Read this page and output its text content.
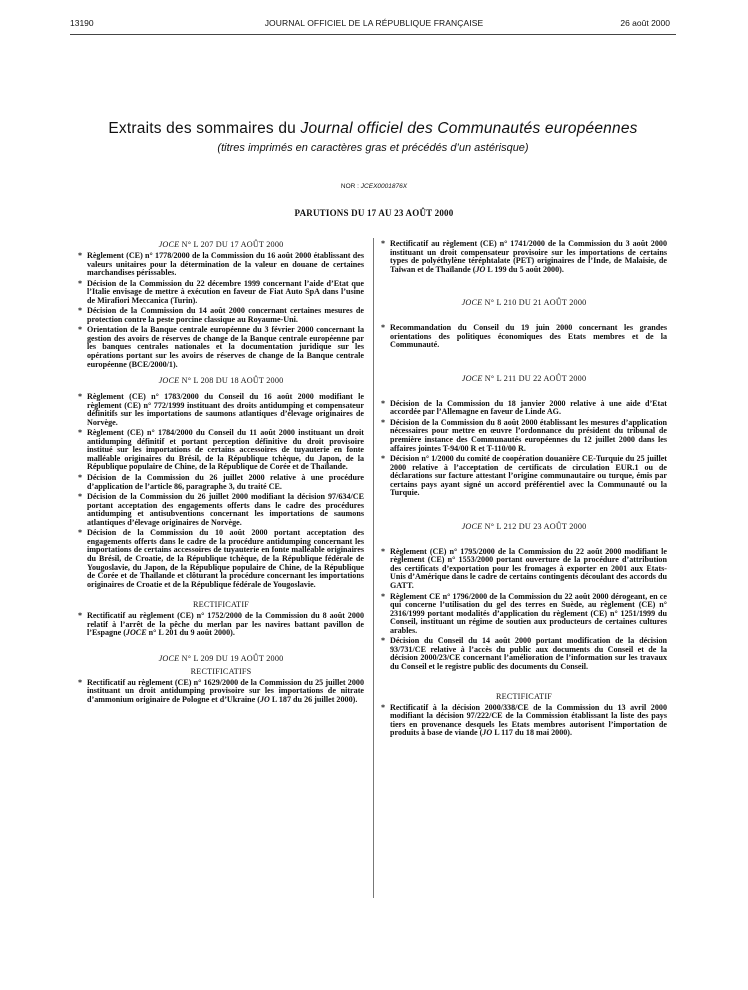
13190	JOURNAL OFFICIEL DE LA RÉPUBLIQUE FRANÇAISE	26 août 2000
Extraits des sommaires du Journal officiel des Communautés européennes
(titres imprimés en caractères gras et précédés d’un astérisque)
NOR : JCEX0001876X
PARUTIONS DU 17 AU 23 AOÛT 2000
JOCE N° L 207 DU 17 AOÛT 2000
* Règlement (CE) n° 1778/2000 de la Commission du 16 août 2000 établissant des valeurs unitaires pour la détermination de la valeur en douane de certaines marchandises périssables.
* Décision de la Commission du 22 décembre 1999 concernant l’aide d’Etat que l’Italie envisage de mettre à exécution en faveur de Fiat Auto SpA dans l’usine de Mirafiori Meccanica (Turin).
* Décision de la Commission du 14 août 2000 concernant certaines mesures de protection contre la peste porcine classique au Royaume-Uni.
* Orientation de la Banque centrale européenne du 3 février 2000 concernant la gestion des avoirs de réserves de change de la Banque centrale européenne par les banques centrales nationales et la documentation juridique sur les opérations portant sur les avoirs de réserves de change de la Banque centrale européenne (BCE/2000/1).
JOCE N° L 208 DU 18 AOÛT 2000
* Règlement (CE) n° 1783/2000 du Conseil du 16 août 2000 modifiant le règlement (CE) n° 772/1999 instituant des droits antidumping et compensateur définitifs sur les importations de saumons atlantiques d’élevage originaires de Norvège.
* Règlement (CE) n° 1784/2000 du Conseil du 11 août 2000 instituant un droit antidumping définitif et portant perception définitive du droit provisoire institué sur les importations de certains accessoires de tuyauterie en fonte malléable originaires du Brésil, de la République tchèque, du Japon, de la République populaire de Chine, de la République de Corée et de Thaïlande.
* Décision de la Commission du 26 juillet 2000 relative à une procédure d’application de l’article 86, paragraphe 3, du traité CE.
* Décision de la Commission du 26 juillet 2000 modifiant la décision 97/634/CE portant acceptation des engagements offerts dans le cadre des procédures antidumping et antisubventions concernant les importations de saumons atlantiques d’élevage originaires de Norvège.
* Décision de la Commission du 10 août 2000 portant acceptation des engagements offerts dans le cadre de la procédure antidumping concernant les importations de certains accessoires de tuyauterie en fonte malléable originaires du Brésil, de Croatie, de la République tchèque, de la République fédérale de Yougoslavie, du Japon, de la République populaire de Chine, de la République de Corée et de Thaïlande et clôturant la procédure concernant les importations originaires de Croatie et de la République fédérale de Yougoslavie.
RECTIFICATIF
* Rectificatif au règlement (CE) n° 1752/2000 de la Commission du 8 août 2000 relatif à l’arrêt de la pêche du merlan par les navires battant pavillon de l’Espagne (JOCE n° L 201 du 9 août 2000).
JOCE N° L 209 DU 19 AOÛT 2000
RECTIFICATIFS
* Rectificatif au règlement (CE) n° 1629/2000 de la Commission du 25 juillet 2000 instituant un droit antidumping provisoire sur les importations de nitrate d’ammonium originaire de Pologne et d’Ukraine (JO L 187 du 26 juillet 2000).
* Rectificatif au règlement (CE) n° 1741/2000 de la Commission du 3 août 2000 instituant un droit compensateur provisoire sur les importations de certains types de polyéthylène téréphtalate (PET) originaires de l’Inde, de Malaisie, de Taïwan et de Thaïlande (JO L 199 du 5 août 2000).
JOCE N° L 210 DU 21 AOÛT 2000
* Recommandation du Conseil du 19 juin 2000 concernant les grandes orientations des politiques économiques des Etats membres et de la Communauté.
JOCE N° L 211 DU 22 AOÛT 2000
* Décision de la Commission du 18 janvier 2000 relative à une aide d’Etat accordée par l’Allemagne en faveur de Linde AG.
* Décision de la Commission du 8 août 2000 établissant les mesures d’application nécessaires pour mettre en œuvre l’ordonnance du président du tribunal de première instance des Communautés européennes du 12 juillet 2000 dans les affaires jointes T-94/00 R et T-110/00 R.
* Décision n° 1/2000 du comité de coopération douanière CE-Turquie du 25 juillet 2000 relative à l’acceptation de certificats de circulation EUR.1 ou de déclarations sur facture attestant l’origine communautaire ou turque, émis par certains pays ayant signé un accord préférentiel avec la Communauté ou la Turquie.
JOCE N° L 212 DU 23 AOÛT 2000
* Règlement (CE) n° 1795/2000 de la Commission du 22 août 2000 modifiant le règlement (CE) n° 1553/2000 portant ouverture de la procédure d’attribution des certificats d’exportation pour les fromages à exporter en 2001 aux Etats-Unis d’Amérique dans le cadre de certains contingents découlant des accords du GATT.
* Règlement CE n° 1796/2000 de la Commission du 22 août 2000 dérogeant, en ce qui concerne l’utilisation du gel des terres en Suède, au règlement (CE) n° 2316/1999 portant modalités d’application du règlement (CE) n° 1251/1999 du Conseil, instituant un régime de soutien aux producteurs de certaines cultures arables.
* Décision du Conseil du 14 août 2000 portant modification de la décision 93/731/CE relative à l’accès du public aux documents du Conseil et de la décision 2000/23/CE concernant l’amélioration de l’information sur les travaux du Conseil et le registre public des documents du Conseil.
RECTIFICATIF
* Rectificatif à la décision 2000/338/CE de la Commission du 13 avril 2000 modifiant la décision 97/222/CE de la Commission établissant la liste des pays tiers en provenance desquels les Etats membres autorisent l’importation de produits à base de viande (JO L 117 du 18 mai 2000).
